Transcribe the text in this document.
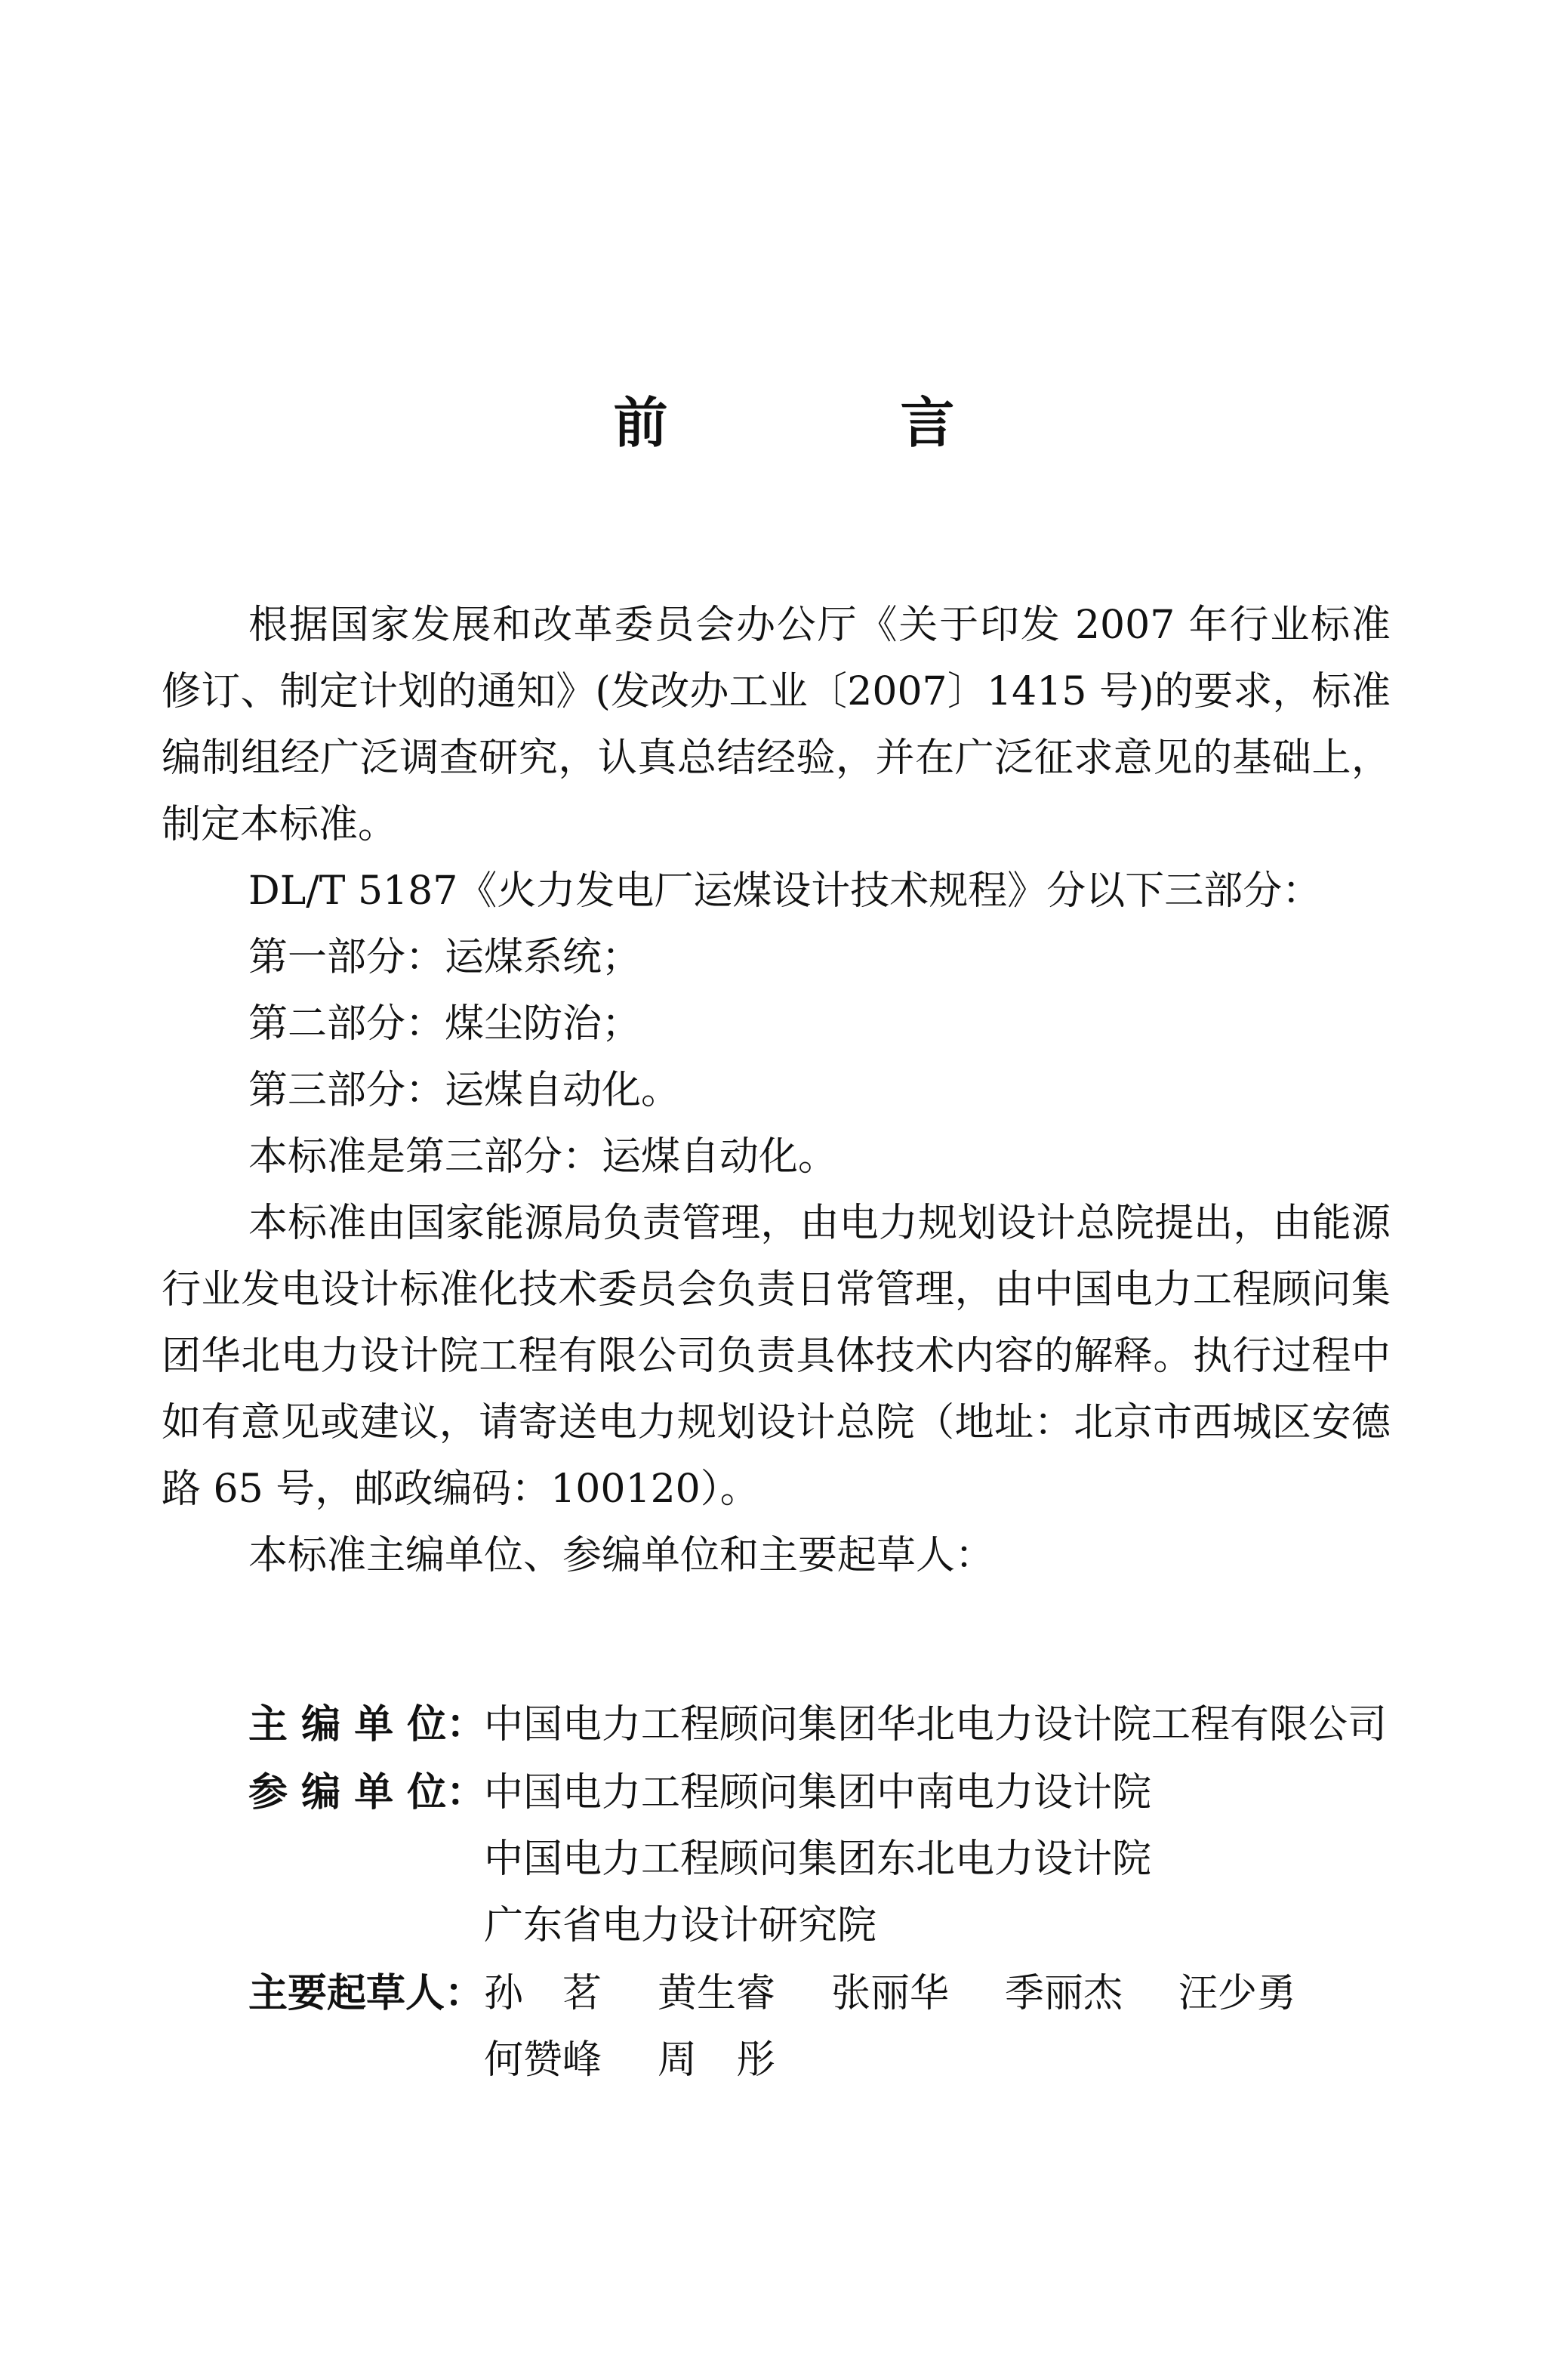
前　言

根据国家发展和改革委员会办公厅《关于印发 2007 年行业标准修订、制定计划的通知》(发改办工业〔2007〕1415 号)的要求，标准编制组经广泛调查研究，认真总结经验，并在广泛征求意见的基础上，制定本标准。

DL/T 5187《火力发电厂运煤设计技术规程》分以下三部分：

第一部分：运煤系统；

第二部分：煤尘防治；

第三部分：运煤自动化。

本标准是第三部分：运煤自动化。

本标准由国家能源局负责管理，由电力规划设计总院提出，由能源行业发电设计标准化技术委员会负责日常管理，由中国电力工程顾问集团华北电力设计院工程有限公司负责具体技术内容的解释。执行过程中如有意见或建议，请寄送电力规划设计总院（地址：北京市西城区安德路 65 号，邮政编码：100120）。

本标准主编单位、参编单位和主要起草人：

主 编 单 位：
中国电力工程顾问集团华北电力设计院工程有限公司
参 编 单 位：
中国电力工程顾问集团中南电力设计院
中国电力工程顾问集团东北电力设计院
广东省电力设计研究院
主要起草人： 孙　茗	黄生睿	张丽华	季丽杰	汪少勇
何赞峰	周　彤
